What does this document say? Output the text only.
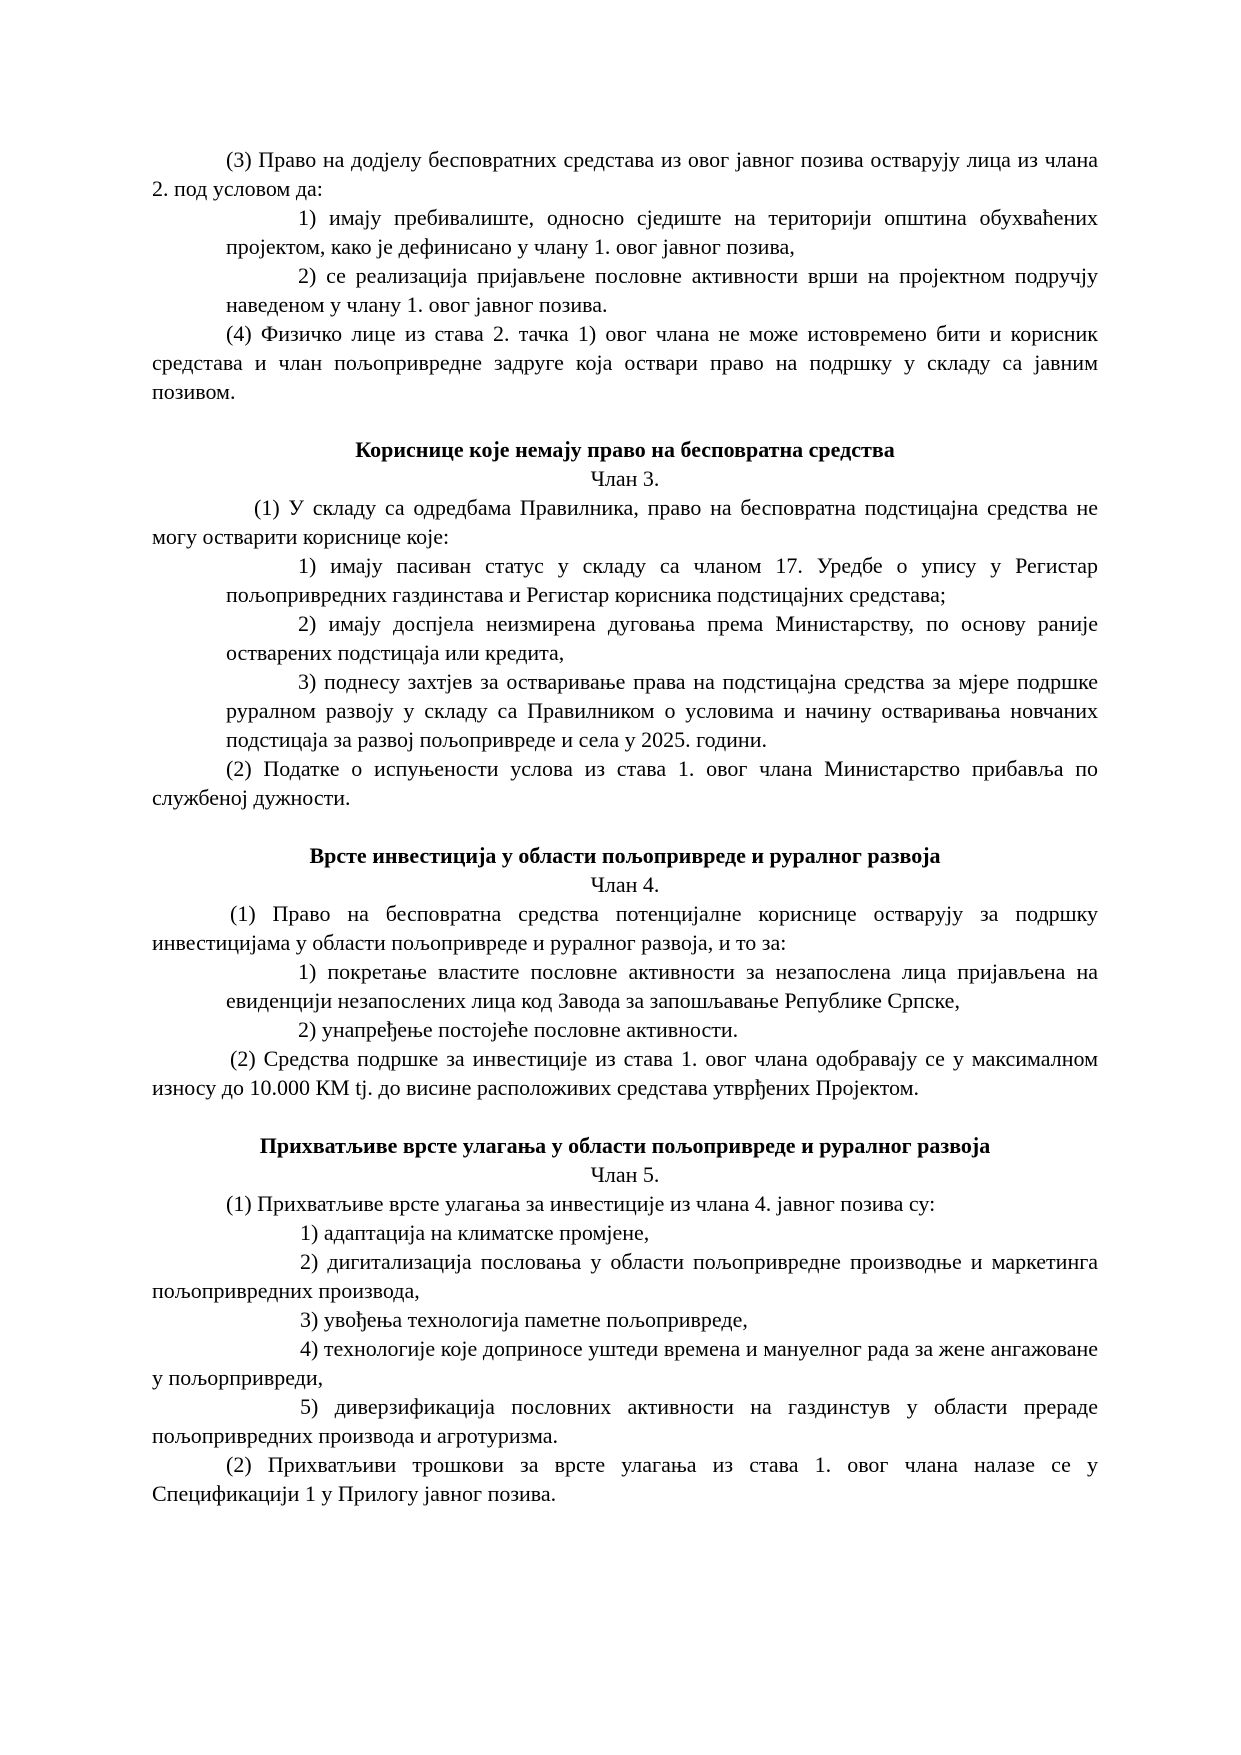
(3) Право на додјелу бесповратних средстава из овог јавног позива остварују лица из члана 2. под условом да:

1) имају пребивалиште, односно сједиште на територији општина обухваћених пројектом, како је дефинисано у члану 1. овог јавног позива,

2) се реализација пријављене пословне активности врши на пројектном подручју наведеном у члану 1. овог јавног позива.

(4) Физичко лице из става 2. тачка 1) овог члана не може истовремено бити и корисник средстава и члан пољопривредне задруге која оствари право на подршку у складу са јавним позивом.

Кориснице које немају право на бесповратна средства

Члан 3.

(1) У складу са одредбама Правилника, право на бесповратна подстицајна средства не могу остварити кориснице које:

1) имају пасиван статус у складу са чланом 17. Уредбе о упису у Регистар пољопривредних газдинстава и Регистар корисника подстицајних средстава;

2) имају доспјела неизмирена дуговања према Министарству, по основу раније остварених подстицаја или кредита,

3) поднесу захтјев за остваривање права на подстицајна средства за мјере подршке руралном развоју у складу са Правилником о условима и начину остваривања новчаних подстицаја за развој пољопривреде и села у 2025. години.

(2) Податке о испуњености услова из става 1. овог члана Министарство прибавља по службеној дужности.

Врсте инвестиција у области пољопривреде и руралног развоја

Члан 4.

(1) Право на бесповратна средства потенцијалне кориснице остварују за подршку инвестицијама у области пољопривреде и руралног развоја, и то за:

1) покретање властите пословне активности за незапослена лица пријављена на евиденцији незапослених лица код Завода за запошљавање Републике Српске,

2) унапређење постојеће пословне активности.

(2) Средства подршке за инвестиције из става 1. овог члана одобравају се у максималном износу до 10.000 КМ tj. до висине расположивих средстава утврђених Пројектом.

Прихватљиве врсте улагања у области пољопривреде и руралног развоја

Члан 5.

(1) Прихватљиве врсте улагања за инвестиције из члана 4. јавног позива су:

1) адаптација на климатске промјене,

2) дигитализација пословања у области пољопривредне производње и маркетинга пољопривредних производа,

3) увођења технологија паметне пољопривреде,

4) технологије које доприносе уштеди времена и мануелног рада за жене ангажоване у пољорпривреди,

5) диверзификација пословних активности на газдинстув у области прераде пољопривредних производа и агротуризма.

(2) Прихватљиви трошкови за врсте улагања из става 1. овог члана налазе се у Спецификацији 1 у Прилогу јавног позива.
